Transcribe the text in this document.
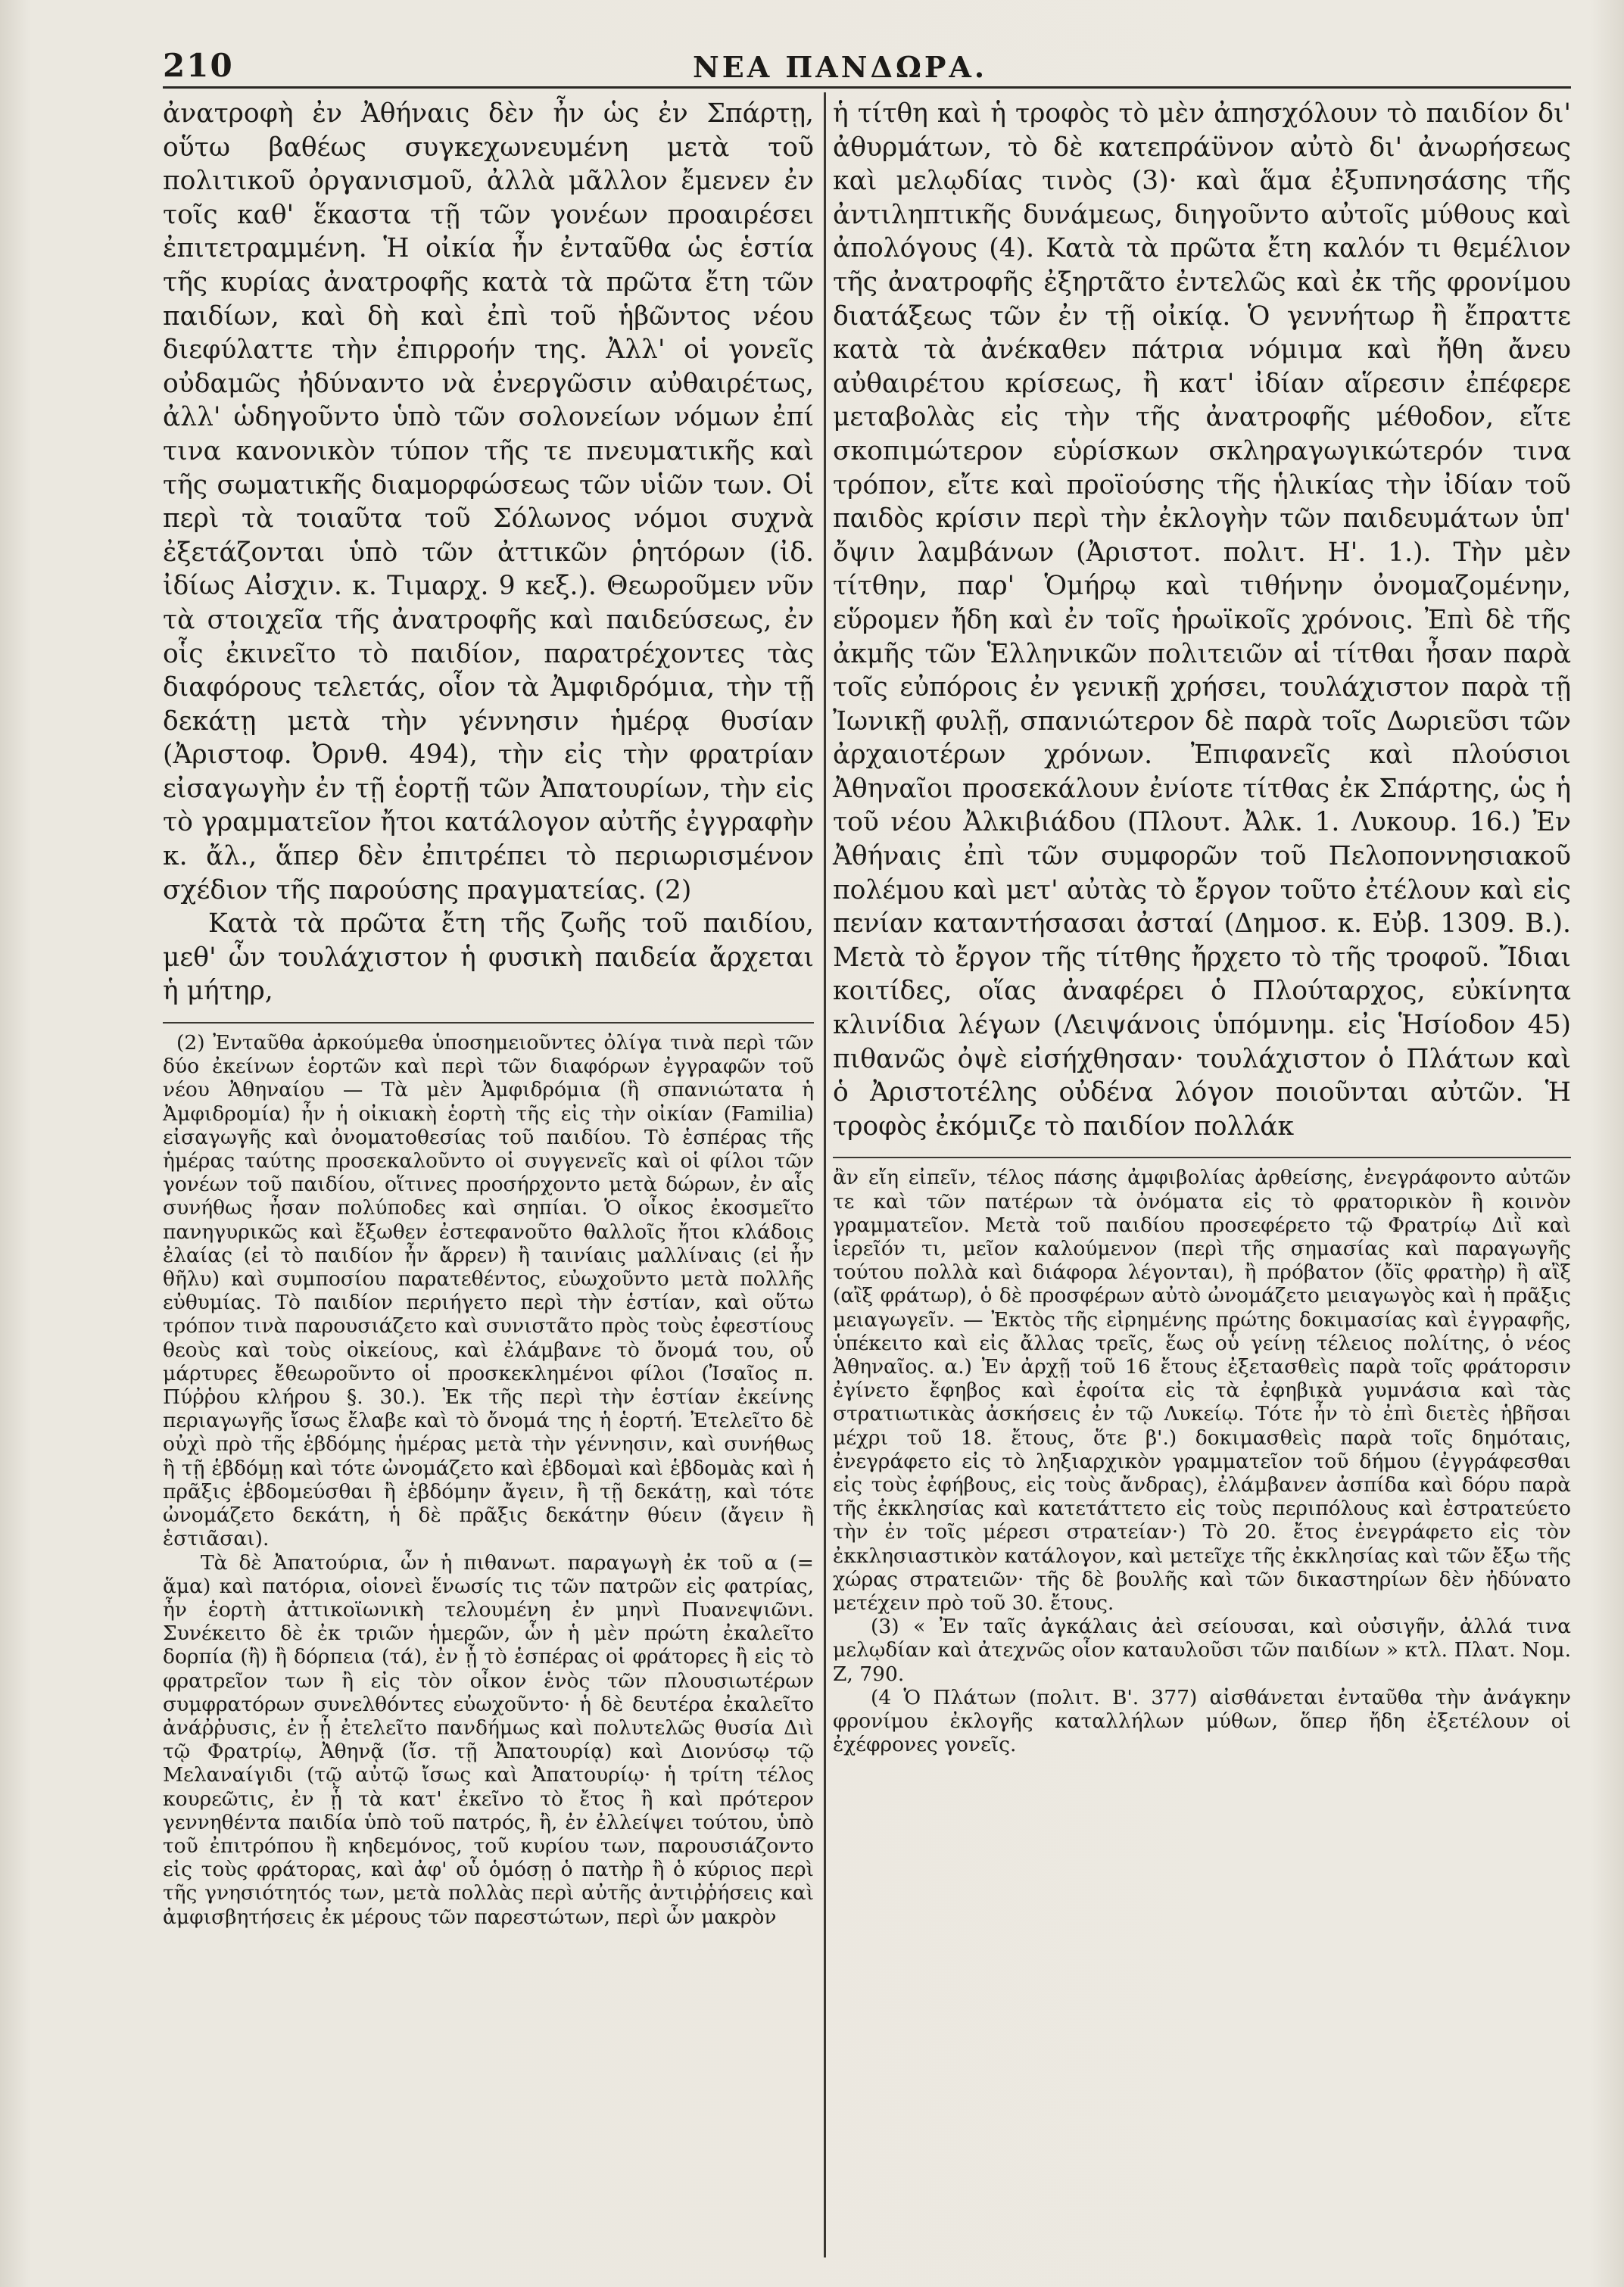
210	ΝΕΑ ΠΑΝΔΩΡΑ.

ἀνατροφὴ ἐν Ἀθήναις δὲν ἦν ὡς ἐν Σπάρτῃ, οὕτω βαθέως συγκεχωνευμένη μετὰ τοῦ πολιτικοῦ ὀργανισμοῦ, ἀλλὰ μᾶλλον ἔμενεν ἐν τοῖς καθ' ἕκαστα τῇ τῶν γονέων προαιρέσει ἐπιτετραμμένη. Ἡ οἰκία ἦν ἐνταῦθα ὡς ἑστία τῆς κυρίας ἀνατροφῆς κατὰ τὰ πρῶτα ἔτη τῶν παιδίων, καὶ δὴ καὶ ἐπὶ τοῦ ἡβῶντος νέου διεφύλαττε τὴν ἐπιρροήν της. Ἀλλ' οἱ γονεῖς οὐδαμῶς ἠδύναντο νὰ ἐνεργῶσιν αὐθαιρέτως, ἀλλ' ὡδηγοῦντο ὑπὸ τῶν σολονείων νόμων ἐπί τινα κανονικὸν τύπον τῆς τε πνευματικῆς καὶ τῆς σωματικῆς διαμορφώσεως τῶν υἱῶν των. Οἱ περὶ τὰ τοιαῦτα τοῦ Σόλωνος νόμοι συχνὰ ἐξετάζονται ὑπὸ τῶν ἀττικῶν ῥητόρων (ἰδ. ἰδίως Αἰσχιν. κ. Τιμαρχ. 9 κεξ.). Θεωροῦμεν νῦν τὰ στοιχεῖα τῆς ἀνατροφῆς καὶ παιδεύσεως, ἐν οἷς ἐκινεῖτο τὸ παιδίον, παρατρέχοντες τὰς διαφόρους τελετάς, οἷον τὰ Ἀμφιδρόμια, τὴν τῇ δεκάτῃ μετὰ τὴν γέννησιν ἡμέρᾳ θυσίαν (Ἀριστοφ. Ὀρνθ. 494), τὴν εἰς τὴν φρατρίαν εἰσαγωγὴν ἐν τῇ ἑορτῇ τῶν Ἀπατουρίων, τὴν εἰς τὸ γραμματεῖον ἤτοι κατάλογον αὐτῆς ἐγγραφὴν κ. ἄλ., ἅπερ δὲν ἐπιτρέπει τὸ περιωρισμένον σχέδιον τῆς παρούσης πραγματείας. (2)

Κατὰ τὰ πρῶτα ἔτη τῆς ζωῆς τοῦ παιδίου, μεθ' ὧν τουλάχιστον ἡ φυσικὴ παιδεία ἄρχεται ἡ μήτηρ,

(2) Ἐνταῦθα ἀρκούμεθα ὑποσημειοῦντες ὀλίγα τινὰ περὶ τῶν δύο ἐκείνων ἑορτῶν καὶ περὶ τῶν διαφόρων ἐγγραφῶν τοῦ νέου Ἀθηναίου — Τὰ μὲν Ἀμφιδρόμια (ἢ σπανιώτατα ἡ Ἀμφιδρομία) ἦν ἡ οἰκιακὴ ἑορτὴ τῆς εἰς τὴν οἰκίαν (Familia) εἰσαγωγῆς καὶ ὀνοματοθεσίας τοῦ παιδίου. Τὸ ἑσπέρας τῆς ἡμέρας ταύτης προσεκαλοῦντο οἱ συγγενεῖς καὶ οἱ φίλοι τῶν γονέων τοῦ παιδίου, οἵτινες προσήρχοντο μετὰ δώρων, ἐν αἷς συνήθως ἦσαν πολύποδες καὶ σηπίαι. Ὁ οἶκος ἐκοσμεῖτο πανηγυρικῶς καὶ ἔξωθεν ἐστεφανοῦτο θαλλοῖς ἤτοι κλάδοις ἐλαίας (εἰ τὸ παιδίον ἦν ἄρρεν) ἢ ταινίαις μαλλίναις (εἰ ἦν θῆλυ) καὶ συμποσίου παρατεθέντος, εὐωχοῦντο μετὰ πολλῆς εὐθυμίας. Τὸ παιδίον περιήγετο περὶ τὴν ἑστίαν, καὶ οὕτω τρόπον τινὰ παρουσιάζετο καὶ συνιστᾶτο πρὸς τοὺς ἐφεστίους θεοὺς καὶ τοὺς οἰκείους, καὶ ἐλάμβανε τὸ ὄνομά του, οὗ μάρτυρες ἔθεωροῦντο οἱ προσκεκλημένοι φίλοι (Ἰσαῖος π. Πύῤῥου κλήρου §. 30.). Ἐκ τῆς περὶ τὴν ἑστίαν ἐκείνης περιαγωγῆς ἴσως ἔλαβε καὶ τὸ ὄνομά της ἡ ἑορτή. Ἐτελεῖτο δὲ οὐχὶ πρὸ τῆς ἑβδόμης ἡμέρας μετὰ τὴν γέννησιν, καὶ συνήθως ἢ τῇ ἑβδόμῃ καὶ τότε ὠνομάζετο καὶ ἑβδομαὶ καὶ ἑβδομὰς καὶ ἡ πρᾶξις ἑβδομεύσθαι ἢ ἑβδόμην ἄγειν, ἢ τῇ δεκάτῃ, καὶ τότε ὠνομάζετο δεκάτη, ἡ δὲ πρᾶξις δεκάτην θύειν (ἄγειν ἢ ἑστιᾶσαι).

Τὰ δὲ Ἀπατούρια, ὧν ἡ πιθανωτ. παραγωγὴ ἐκ τοῦ α (= ἅμα) καὶ πατόρια, οἱονεὶ ἕνωσίς τις τῶν πατρῶν εἰς φατρίας, ἦν ἑορτὴ ἀττικοϊωνικὴ τελουμένη ἐν μηνὶ Πυανεψιῶνι. Συνέκειτο δὲ ἐκ τριῶν ἡμερῶν, ὧν ἡ μὲν πρώτη ἐκαλεῖτο δορπία (ἢ) ἢ δόρπεια (τά), ἐν ᾗ τὸ ἑσπέρας οἱ φράτορες ἢ εἰς τὸ φρατρεῖον των ἢ εἰς τὸν οἶκον ἑνὸς τῶν πλουσιωτέρων συμφρατόρων συνελθόντες εὐωχοῦντο· ἡ δὲ δευτέρα ἐκαλεῖτο ἀνάῤῥυσις, ἐν ᾗ ἐτελεῖτο πανδήμως καὶ πολυτελῶς θυσία Διὶ τῷ Φρατρίῳ, Ἀθηνᾷ (ἴσ. τῇ Ἀπατουρίᾳ) καὶ Διονύσῳ τῷ Μελαναίγιδι (τῷ αὐτῷ ἴσως καὶ Ἀπατουρίῳ· ἡ τρίτη τέλος κουρεῶτις, ἐν ᾗ τὰ κατ' ἐκεῖνο τὸ ἔτος ἢ καὶ πρότερον γεννηθέντα παιδία ὑπὸ τοῦ πατρός, ἢ, ἐν ἐλλείψει τούτου, ὑπὸ τοῦ ἐπιτρόπου ἢ κηδεμόνος, τοῦ κυρίου των, παρουσιάζοντο εἰς τοὺς φράτορας, καὶ ἀφ' οὗ ὁμόσῃ ὁ πατὴρ ἢ ὁ κύριος περὶ τῆς γνησιότητός των, μετὰ πολλὰς περὶ αὐτῆς ἀντιῤῥήσεις καὶ ἀμφισβητήσεις ἐκ μέρους τῶν παρεστώτων, περὶ ὧν μακρὸν

ἡ τίτθη καὶ ἡ τροφὸς τὸ μὲν ἀπησχόλουν τὸ παιδίον δι' ἀθυρμάτων, τὸ δὲ κατεπράϋνον αὐτὸ δι' ἀνωρήσεως καὶ μελῳδίας τινὸς (3)· καὶ ἅμα ἐξυπνησάσης τῆς ἀντιληπτικῆς δυνάμεως, διηγοῦντο αὐτοῖς μύθους καὶ ἀπολόγους (4). Κατὰ τὰ πρῶτα ἔτη καλόν τι θεμέλιον τῆς ἀνατροφῆς ἐξηρτᾶτο ἐντελῶς καὶ ἐκ τῆς φρονίμου διατάξεως τῶν ἐν τῇ οἰκίᾳ. Ὁ γεννήτωρ ἢ ἔπραττε κατὰ τὰ ἀνέκαθεν πάτρια νόμιμα καὶ ἤθη ἄνευ αὐθαιρέτου κρίσεως, ἢ κατ' ἰδίαν αἵρεσιν ἐπέφερε μεταβολὰς εἰς τὴν τῆς ἀνατροφῆς μέθοδον, εἴτε σκοπιμώτερον εὑρίσκων σκληραγωγικώτερόν τινα τρόπον, εἴτε καὶ προϊούσης τῆς ἡλικίας τὴν ἰδίαν τοῦ παιδὸς κρίσιν περὶ τὴν ἐκλογὴν τῶν παιδευμάτων ὑπ' ὄψιν λαμβάνων (Ἀριστοτ. πολιτ. Η'. 1.). Τὴν μὲν τίτθην, παρ' Ὁμήρῳ καὶ τιθήνην ὀνομαζομένην, εὕρομεν ἤδη καὶ ἐν τοῖς ἡρωϊκοῖς χρόνοις. Ἐπὶ δὲ τῆς ἀκμῆς τῶν Ἑλληνικῶν πολιτειῶν αἱ τίτθαι ἦσαν παρὰ τοῖς εὐπόροις ἐν γενικῇ χρήσει, τουλάχιστον παρὰ τῇ Ἰωνικῇ φυλῇ, σπανιώτερον δὲ παρὰ τοῖς Δωριεῦσι τῶν ἀρχαιοτέρων χρόνων. Ἐπιφανεῖς καὶ πλούσιοι Ἀθηναῖοι προσεκάλουν ἐνίοτε τίτθας ἐκ Σπάρτης, ὡς ἡ τοῦ νέου Ἀλκιβιάδου (Πλουτ. Ἀλκ. 1. Λυκουρ. 16.) Ἐν Ἀθήναις ἐπὶ τῶν συμφορῶν τοῦ Πελοποννησιακοῦ πολέμου καὶ μετ' αὐτὰς τὸ ἔργον τοῦτο ἐτέλουν καὶ εἰς πενίαν καταντήσασαι ἀσταί (Δημοσ. κ. Εὐβ. 1309. Β.). Μετὰ τὸ ἔργον τῆς τίτθης ἤρχετο τὸ τῆς τροφοῦ. Ἴδιαι κοιτίδες, οἵας ἀναφέρει ὁ Πλούταρχος, εὐκίνητα κλινίδια λέγων (Λειψάνοις ὑπόμνημ. εἰς Ἡσίοδον 45) πιθανῶς ὀψὲ εἰσήχθησαν· τουλάχιστον ὁ Πλάτων καὶ ὁ Ἀριστοτέλης οὐδένα λόγον ποιοῦνται αὐτῶν. Ἡ τροφὸς ἐκόμιζε τὸ παιδίον πολλάκ

ἂν εἴη εἰπεῖν, τέλος πάσης ἀμφιβολίας ἀρθείσης, ἐνεγράφοντο αὐτῶν τε καὶ τῶν πατέρων τὰ ὀνόματα εἰς τὸ φρατορικὸν ἢ κοινὸν γραμματεῖον. Μετὰ τοῦ παιδίου προσεφέρετο τῷ Φρατρίῳ Διῒ καὶ ἱερεῖόν τι, μεῖον καλούμενον (περὶ τῆς σημασίας καὶ παραγωγῆς τούτου πολλὰ καὶ διάφορα λέγονται), ἢ πρόβατον (ὄϊς φρατὴρ) ἢ αἲξ (αἲξ φράτωρ), ὁ δὲ προσφέρων αὐτὸ ὠνομάζετο μειαγωγὸς καὶ ἡ πρᾶξις μειαγωγεῖν. — Ἐκτὸς τῆς εἰρημένης πρώτης δοκιμασίας καὶ ἐγγραφῆς, ὑπέκειτο καὶ εἰς ἄλλας τρεῖς, ἕως οὗ γείνῃ τέλειος πολίτης, ὁ νέος Ἀθηναῖος. α.) Ἐν ἀρχῇ τοῦ 16 ἔτους ἐξετασθεὶς παρὰ τοῖς φράτορσιν ἐγίνετο ἔφηβος καὶ ἐφοίτα εἰς τὰ ἐφηβικὰ γυμνάσια καὶ τὰς στρατιωτικὰς ἀσκήσεις ἐν τῷ Λυκείῳ. Τότε ἦν τὸ ἐπὶ διετὲς ἡβῆσαι μέχρι τοῦ 18. ἔτους, ὅτε β'.) δοκιμασθεὶς παρὰ τοῖς δημόταις, ἐνεγράφετο εἰς τὸ ληξιαρχικὸν γραμματεῖον τοῦ δήμου (ἐγγράφεσθαι εἰς τοὺς ἐφήβους, εἰς τοὺς ἄνδρας), ἐλάμβανεν ἀσπίδα καὶ δόρυ παρὰ τῆς ἐκκλησίας καὶ κατετάττετο εἰς τοὺς περιπόλους καὶ ἐστρατεύετο τὴν ἐν τοῖς μέρεσι στρατείαν·) Τὸ 20. ἔτος ἐνεγράφετο εἰς τὸν ἐκκλησιαστικὸν κατάλογον, καὶ μετεῖχε τῆς ἐκκλησίας καὶ τῶν ἔξω τῆς χώρας στρατειῶν· τῆς δὲ βουλῆς καὶ τῶν δικαστηρίων δὲν ἠδύνατο μετέχειν πρὸ τοῦ 30. ἔτους.

(3) « Ἐν ταῖς ἀγκάλαις ἀεὶ σείουσαι, καὶ οὐσιγῆν, ἀλλά τινα μελῳδίαν καὶ ἀτεχνῶς οἷον καταυλοῦσι τῶν παιδίων » κτλ. Πλατ. Νομ. Ζ, 790.

(4 Ὁ Πλάτων (πολιτ. Β'. 377) αἰσθάνεται ἐνταῦθα τὴν ἀνάγκην φρονίμου ἐκλογῆς καταλλήλων μύθων, ὅπερ ἤδη ἐξετέλουν οἱ ἐχέφρονες γονεῖς.
